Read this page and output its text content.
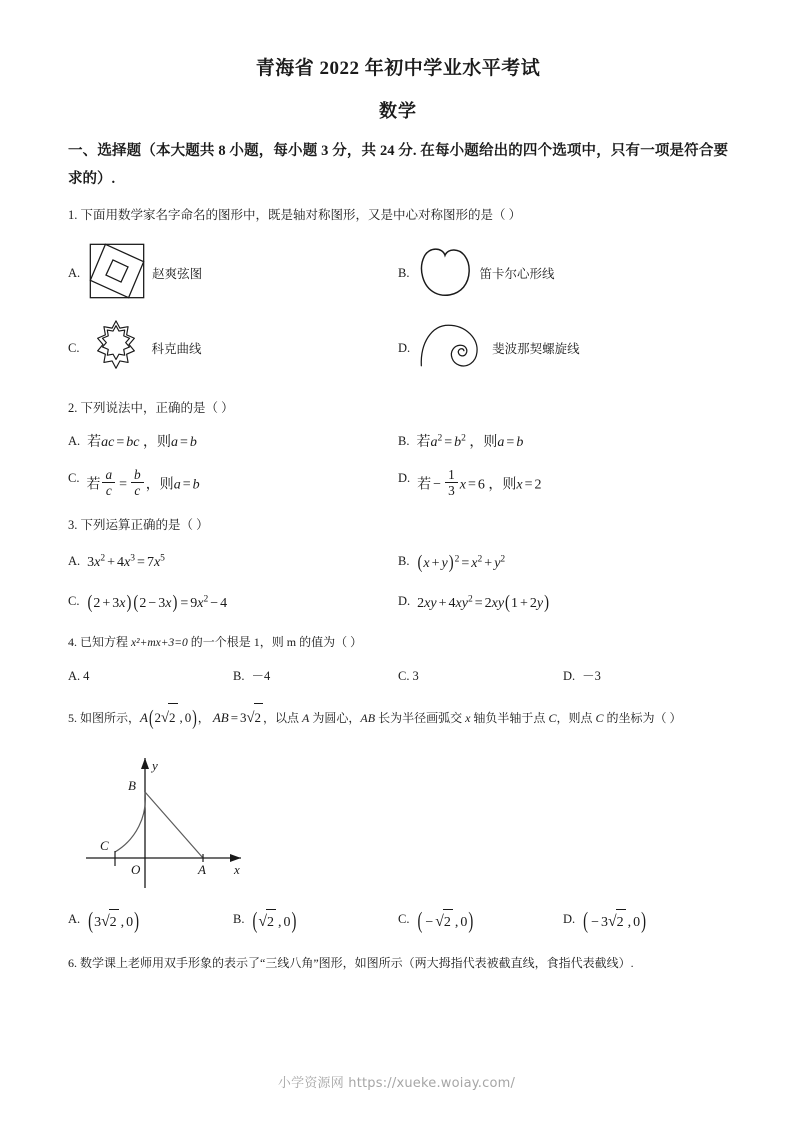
青海省 2022 年初中学业水平考试
数学
一、选择题（本大题共 8 小题，每小题 3 分，共 24 分. 在每小题给出的四个选项中，只有一项是符合要求的）.
1. 下面用数学家名字命名的图形中，既是轴对称图形，又是中心对称图形的是（ ）
A.	赵爽弦图	B.	笛卡尔心形线
C.	科克曲线	D.	斐波那契螺旋线
2. 下列说法中，正确的是（ ）
A. 若ac = bc ，则a = b	B. 若$a^2 = b^2$ ，则a = b
C. 若 $\frac{a}{c} = \frac{b}{c}$ ，则a = b	D. 若 − $\frac{1}{3}$ x = 6 ，则x = 2
3. 下列运算正确的是（ ）
A. $3x^2 + 4x^3 = 7x^5$	B. $(x + y)^2 = x^2 + y^2$
C. (2 + 3x) $(2 - 3x) = 9x^2 - 4$	D. $2xy + 4xy^2 = 2xy(1 + 2y)$
4. 已知方程 x²+mx+3=0 的一个根是 1，则 m 的值为（ ）
A. 4	B. －4	C. 3	D. －3
5. 如图所示，A(2√2 , 0)， AB = 3√2 ，以点 A 为圆心，AB 长为半径画弧交 x 轴负半轴于点 C，则点 C 的坐标为（ ）
B
C
A
O
y
x
A. (3√2 , 0)	B. (√2 , 0)	C. ( − √2 , 0)	D. ( − 3√2 , 0)
6. 数学课上老师用双手形象的表示了“三线八角”图形，如图所示（两大拇指代表被截直线，食指代表截线）.
小学资源网 https://xueke.woiay.com/
